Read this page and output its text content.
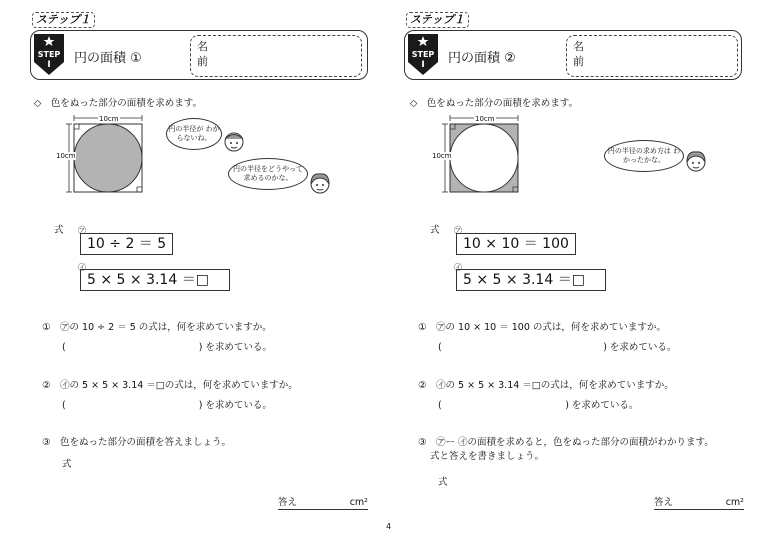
ステップ１
STEP
Ⅰ	円の面積 ①
名
前
◇　色をぬった部分の面積を求めます。
10cm
10cm
円の半径が わからないね。
円の半径をどうやって 求めるのかな。
式 ㋐
10 ÷ 2 ＝ 5
㋑
5 × 5 × 3.14 ＝□
①　㋐の 10 ÷ 2 ＝ 5 の式は，何を求めていますか。
(　　　　　　　　　　　　　　) を求めている。
②　㋑の 5 × 5 × 3.14 ＝□の式は，何を求めていますか。
(　　　　　　　　　　　　　　) を求めている。
③　色をぬった部分の面積を答えましょう。
式
答え	cm²
ステップ１
STEP
Ⅰ	円の面積 ②
名
前
◇　色をぬった部分の面積を求めます。
10cm
10cm
円の半径の求め方は わかったかな。
式 ㋐
10 × 10 ＝ 100
㋑
5 × 5 × 3.14 ＝□
①　㋐の 10 × 10 ＝ 100 の式は，何を求めていますか。
(　　　　　　　　　　　　　　　　　) を求めている。
②　㋑の 5 × 5 × 3.14 ＝□の式は，何を求めていますか。
(　　　　　　　　　　　　　) を求めている。
③　㋐ー ㋑の面積を求めると，色をぬった部分の面積がわかります。
式と答えを書きましょう。
式
答え	cm²
4
